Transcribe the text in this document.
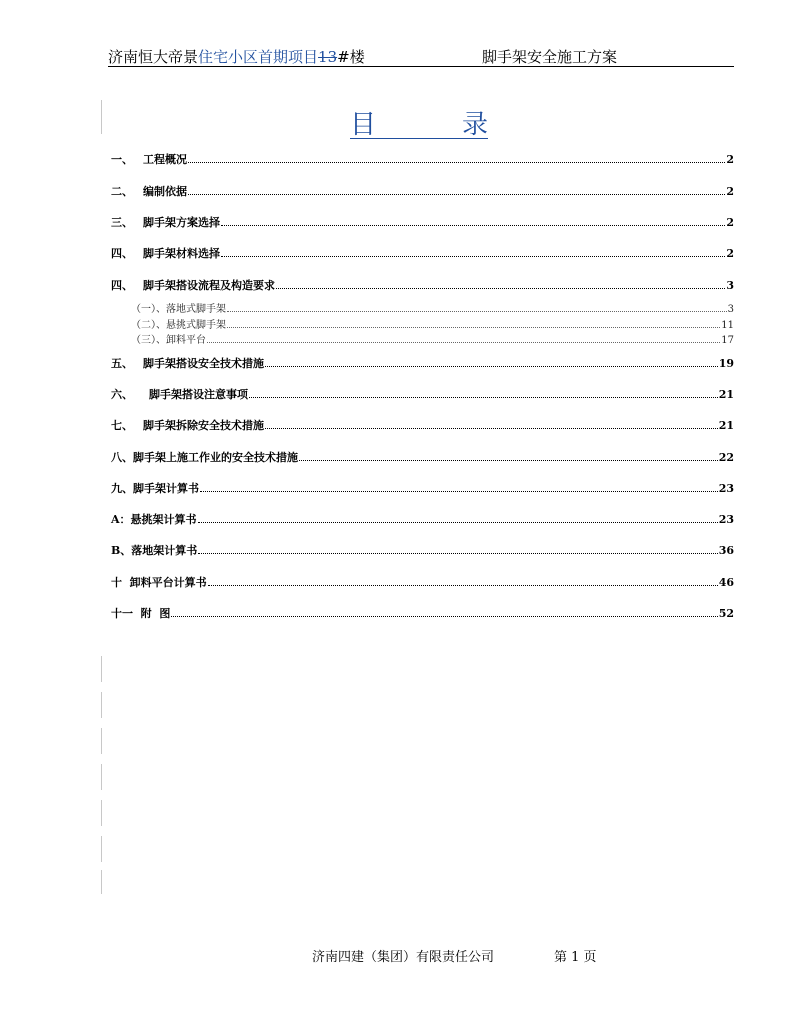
济南恒大帝景住宅小区首期项目13#楼	脚手架安全施工方案
目	录
一、 工程概况	2
二、 编制依据	2
三、 脚手架方案选择	2
四、 脚手架材料选择	2
四、 脚手架搭设流程及构造要求	3
（一）、落地式脚手架	3
（二）、悬挑式脚手架	11
（三）、卸料平台	17
五、 脚手架搭设安全技术措施	19
六、	脚手架搭设注意事项	21
七、 脚手架拆除安全技术措施	21
八、脚手架上施工作业的安全技术措施	22
九、脚手架计算书	23
A：悬挑架计算书	23
B、落地架计算书	36
十  卸料平台计算书	46
十一  附  图	52
济南四建（集团）有限责任公司	第 1 页
